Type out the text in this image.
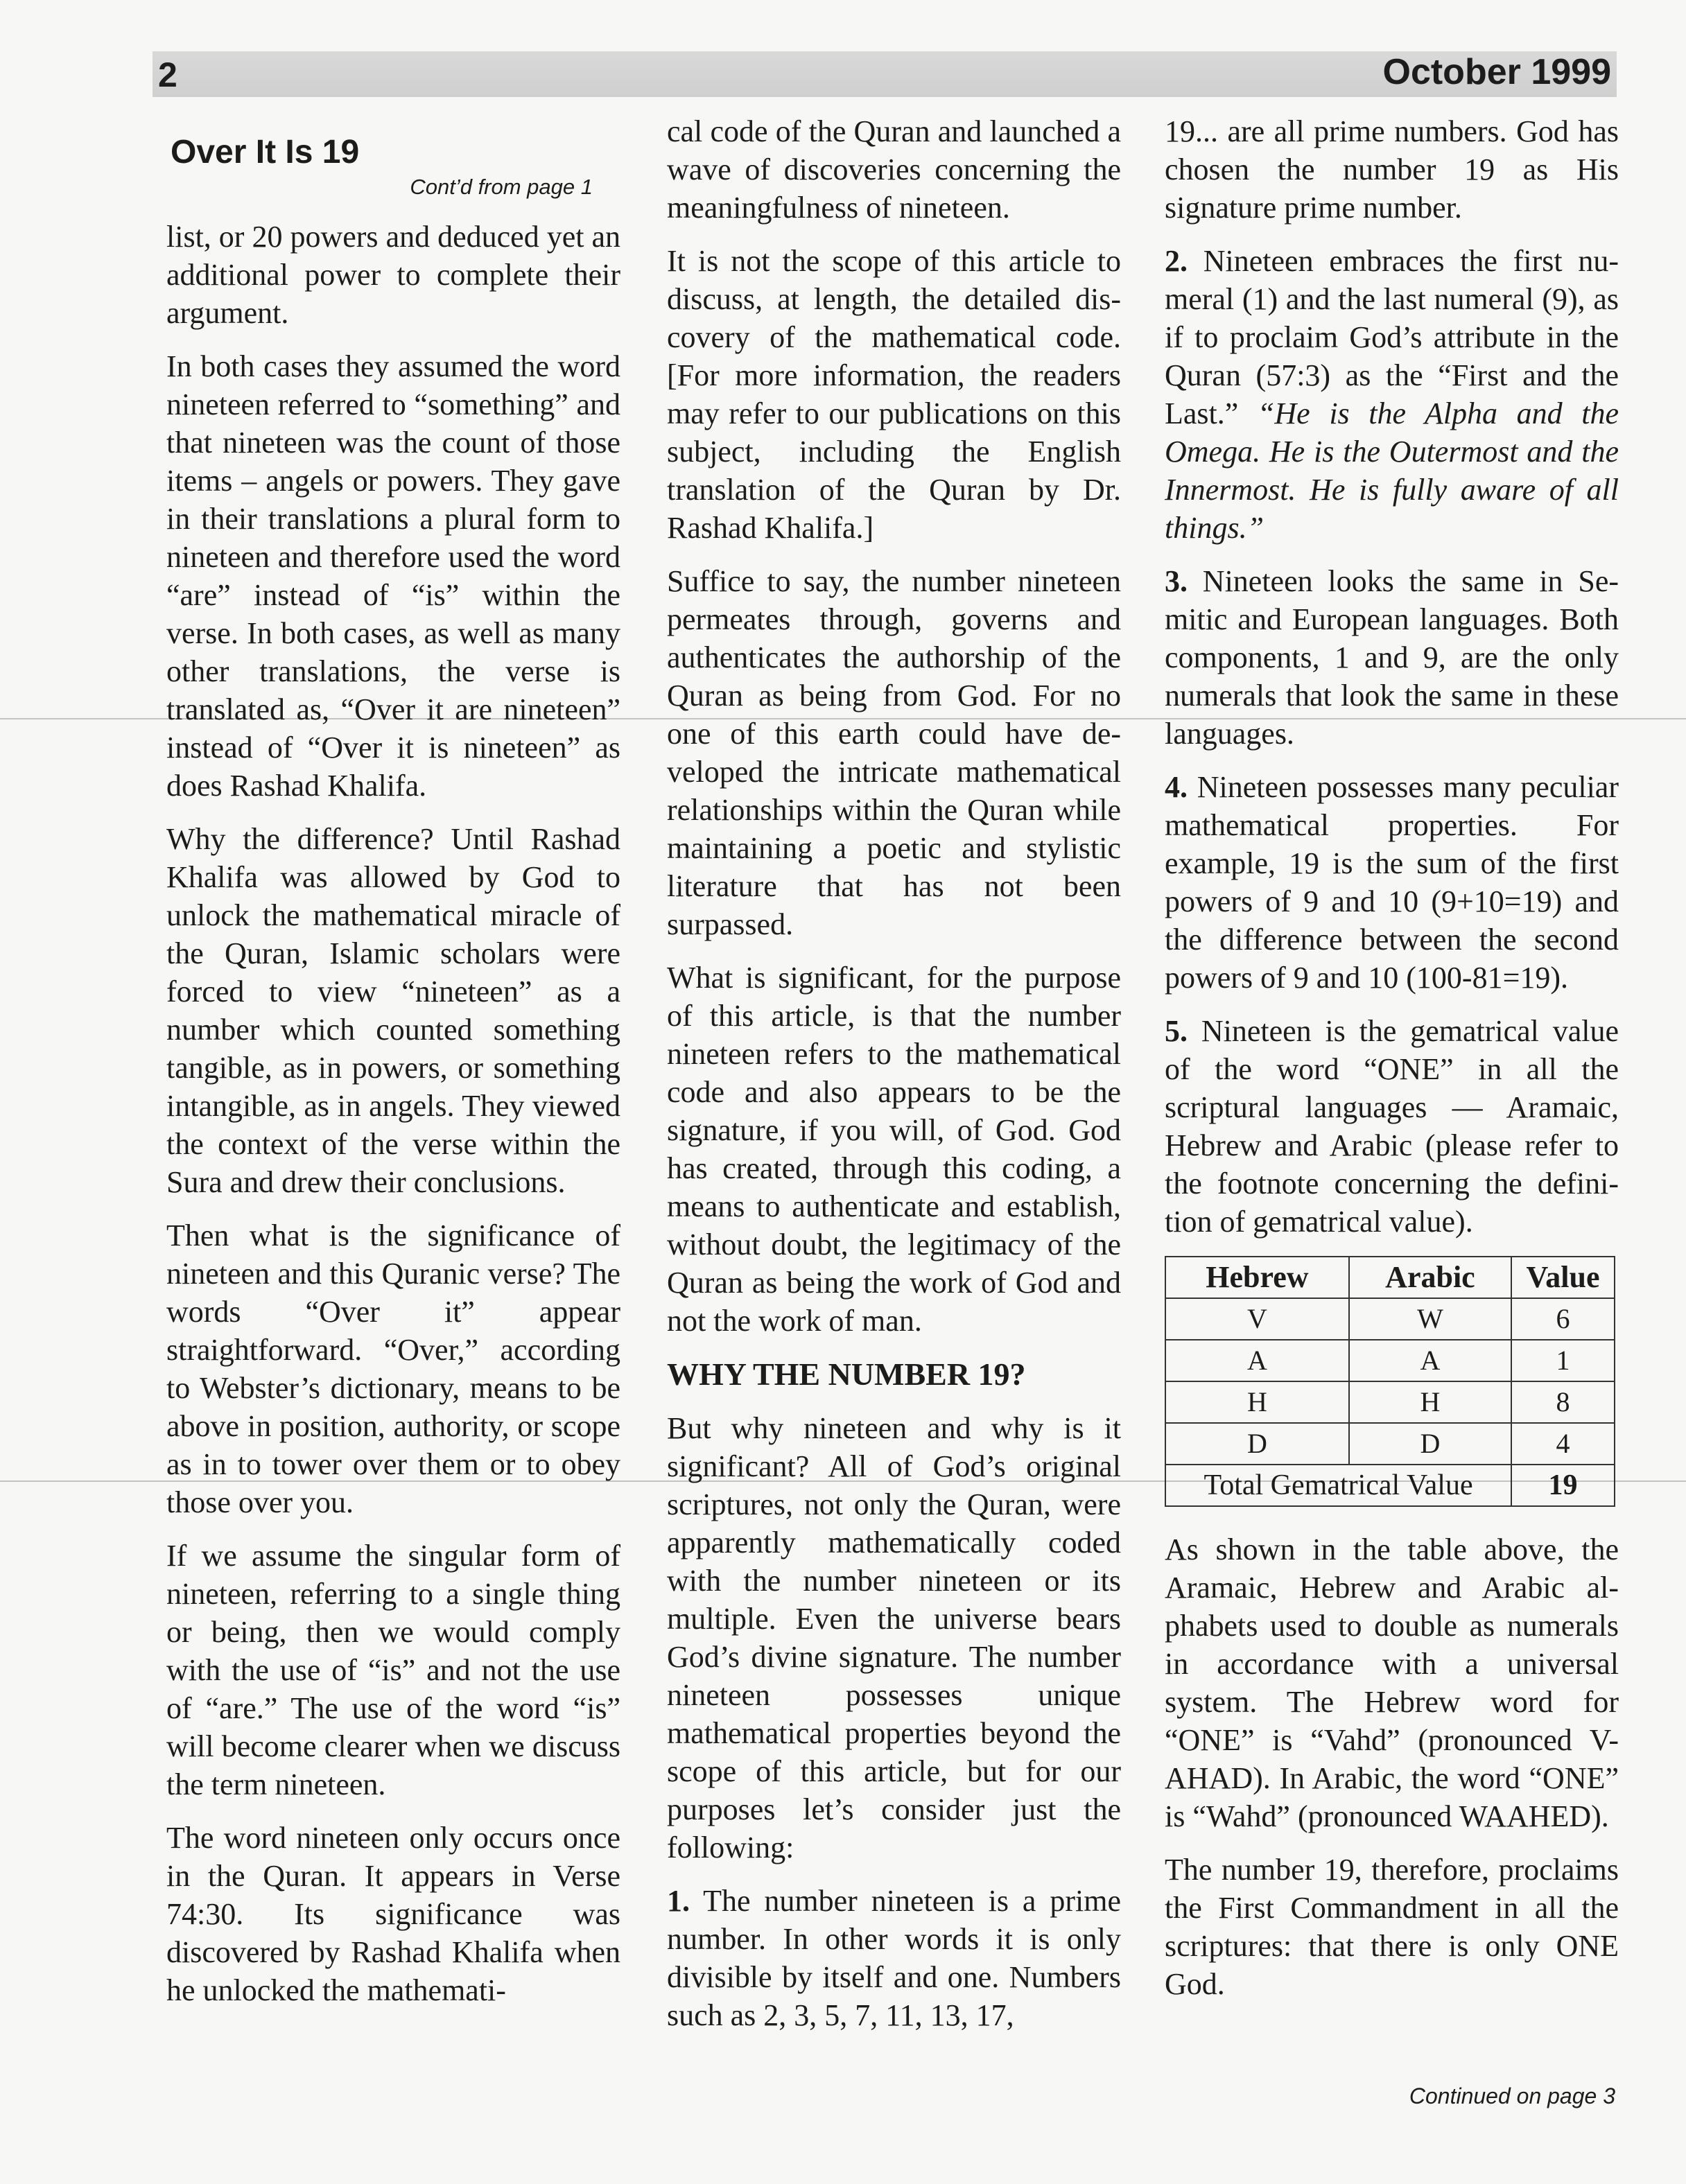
2	October 1999
Over It Is 19
Cont’d from page 1

list, or 20 powers and deduced yet an additional power to complete their argument.

In both cases they assumed the word nineteen referred to “something” and that nineteen was the count of those items – angels or powers. They gave in their translations a plural form to nineteen and therefore used the word “are” instead of “is” within the verse. In both cases, as well as many other translations, the verse is translated as, “Over it are nineteen” instead of “Over it is nineteen” as does Rashad Khalifa.

Why the difference? Until Rashad Khalifa was allowed by God to unlock the mathematical miracle of the Quran, Islamic scholars were forced to view “nineteen” as a number which counted something tangible, as in powers, or something intangible, as in angels. They viewed the context of the verse within the Sura and drew their conclusions.

Then what is the significance of nineteen and this Quranic verse? The words “Over it” appear straightforward. “Over,” according to Webster’s dictionary, means to be above in position, authority, or scope as in to tower over them or to obey those over you.

If we assume the singular form of nineteen, referring to a single thing or being, then we would comply with the use of “is” and not the use of “are.” The use of the word “is” will become clearer when we discuss the term nineteen.

The word nineteen only occurs once in the Quran. It appears in Verse 74:30. Its significance was discovered by Rashad Khalifa when he unlocked the mathemati-

cal code of the Quran and launched a wave of discoveries concerning the meaningfulness of nineteen.

It is not the scope of this article to discuss, at length, the detailed discovery of the mathematical code. [For more information, the readers may refer to our publications on this subject, including the English translation of the Quran by Dr. Rashad Khalifa.]

Suffice to say, the number nineteen permeates through, governs and authenticates the authorship of the Quran as being from God. For no one of this earth could have developed the intricate mathematical relationships within the Quran while maintaining a poetic and stylistic literature that has not been surpassed.

What is significant, for the purpose of this article, is that the number nineteen refers to the mathematical code and also appears to be the signature, if you will, of God. God has created, through this coding, a means to authenticate and establish, without doubt, the legitimacy of the Quran as being the work of God and not the work of man.

WHY THE NUMBER 19?

But why nineteen and why is it significant? All of God’s original scriptures, not only the Quran, were apparently mathematically coded with the number nineteen or its multiple. Even the universe bears God’s divine signature. The number nineteen possesses unique mathematical properties beyond the scope of this article, but for our purposes let’s consider just the following:

1. The number nineteen is a prime number. In other words it is only divisible by itself and one. Numbers such as 2, 3, 5, 7, 11, 13, 17,

19... are all prime numbers. God has chosen the number 19 as His signature prime number.

2. Nineteen embraces the first numeral (1) and the last numeral (9), as if to proclaim God’s attribute in the Quran (57:3) as the “First and the Last.” “He is the Alpha and the Omega. He is the Outermost and the Innermost. He is fully aware of all things.”

3. Nineteen looks the same in Semitic and European languages. Both components, 1 and 9, are the only numerals that look the same in these languages.

4. Nineteen possesses many peculiar mathematical properties. For example, 19 is the sum of the first powers of 9 and 10 (9+10=19) and the difference between the second powers of 9 and 10 (100-81=19).

5. Nineteen is the gematrical value of the word “ONE” in all the scriptural languages — Aramaic, Hebrew and Arabic (please refer to the footnote concerning the definition of gematrical value).

Hebrew	Arabic	Value
V	W	6
A	A	1
H	H	8
D	D	4
Total Gematrical Value		19

As shown in the table above, the Aramaic, Hebrew and Arabic alphabets used to double as numerals in accordance with a universal system. The Hebrew word for “ONE” is “Vahd” (pronounced V-AHAD). In Arabic, the word “ONE” is “Wahd” (pronounced WAAHED).

The number 19, therefore, proclaims the First Commandment in all the scriptures: that there is only ONE God.

Continued on page 3
